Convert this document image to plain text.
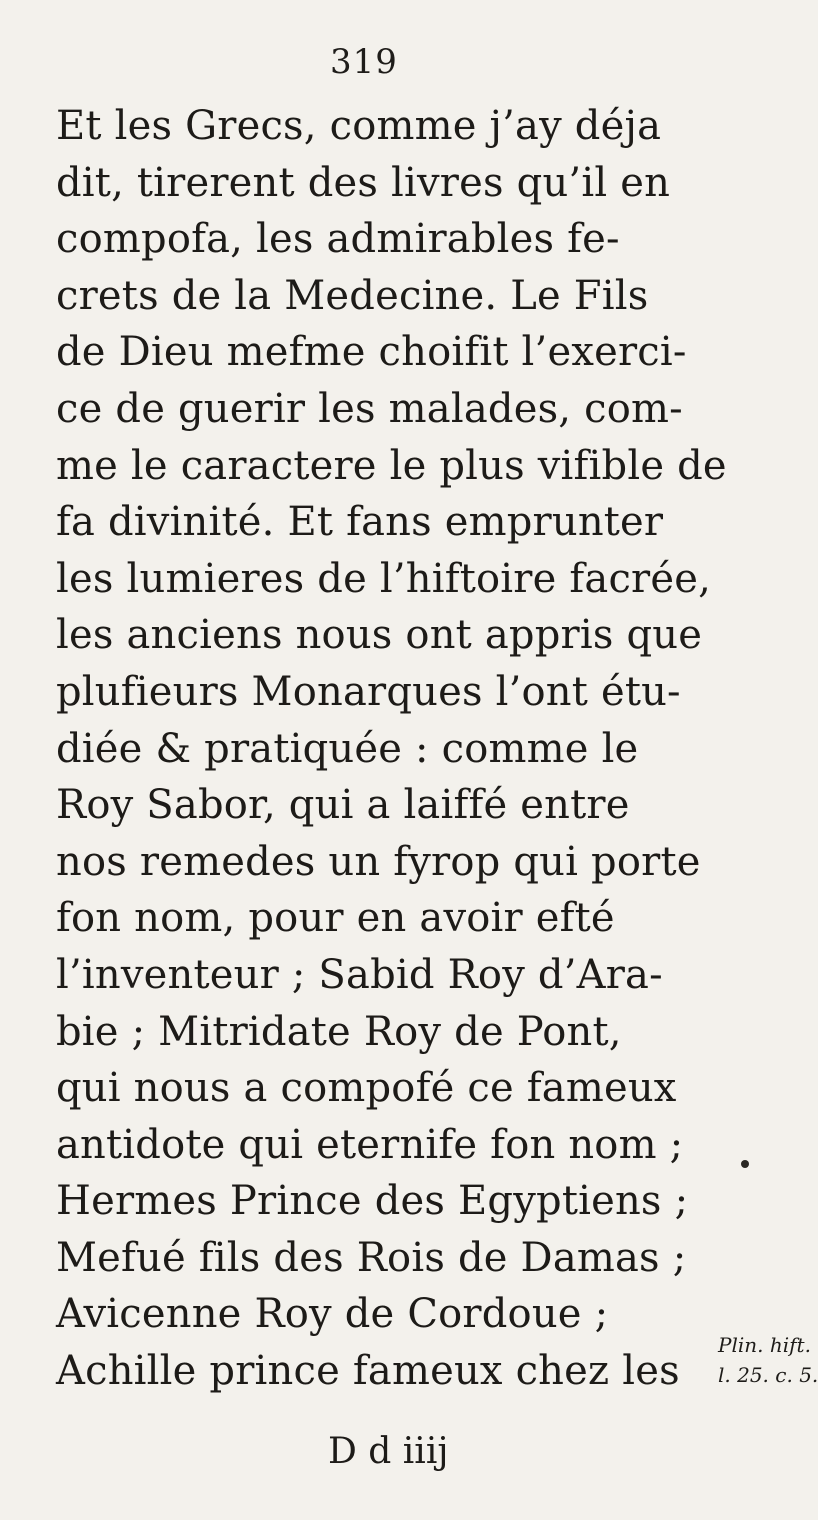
319
Et les Grecs, comme j’ay déja
dit, tirerent des livres qu’il en
compofa, les admirables fe-
crets de la Medecine. Le Fils
de Dieu mefme choifit l’exerci-
ce de guerir les malades, com-
me le caractere le plus vifible de
fa divinité. Et fans emprunter
les lumieres de l’hiftoire facrée,
les anciens nous ont appris que
plufieurs Monarques l’ont étu-
diée & pratiquée : comme le
Roy Sabor, qui a laiffé entre
nos remedes un fyrop qui porte
fon nom, pour en avoir efté
l’inventeur ; Sabid Roy d’Ara-
bie ; Mitridate Roy de Pont,
qui nous a compofé ce fameux
antidote qui eternife fon nom ;
Hermes Prince des Egyptiens ;
Mefué fils des Rois de Damas ;
Avicenne Roy de Cordoue ;
Achille prince fameux chez les
Plin. hift.
l. 25. c. 5.
D d iiij
